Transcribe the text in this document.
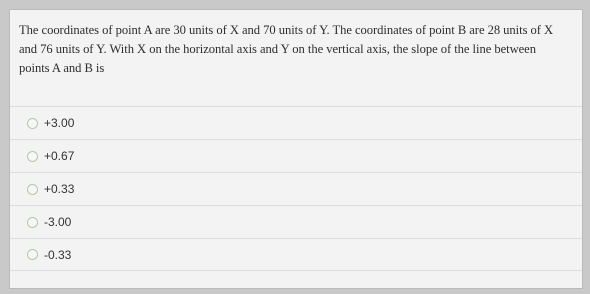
The coordinates of point A are 30 units of X and 70 units of Y. The coordinates of point B are 28 units of X
and 76 units of Y. With X on the horizontal axis and Y on the vertical axis, the slope of the line between
points A and B is
+3.00
+0.67
+0.33
-3.00
-0.33
